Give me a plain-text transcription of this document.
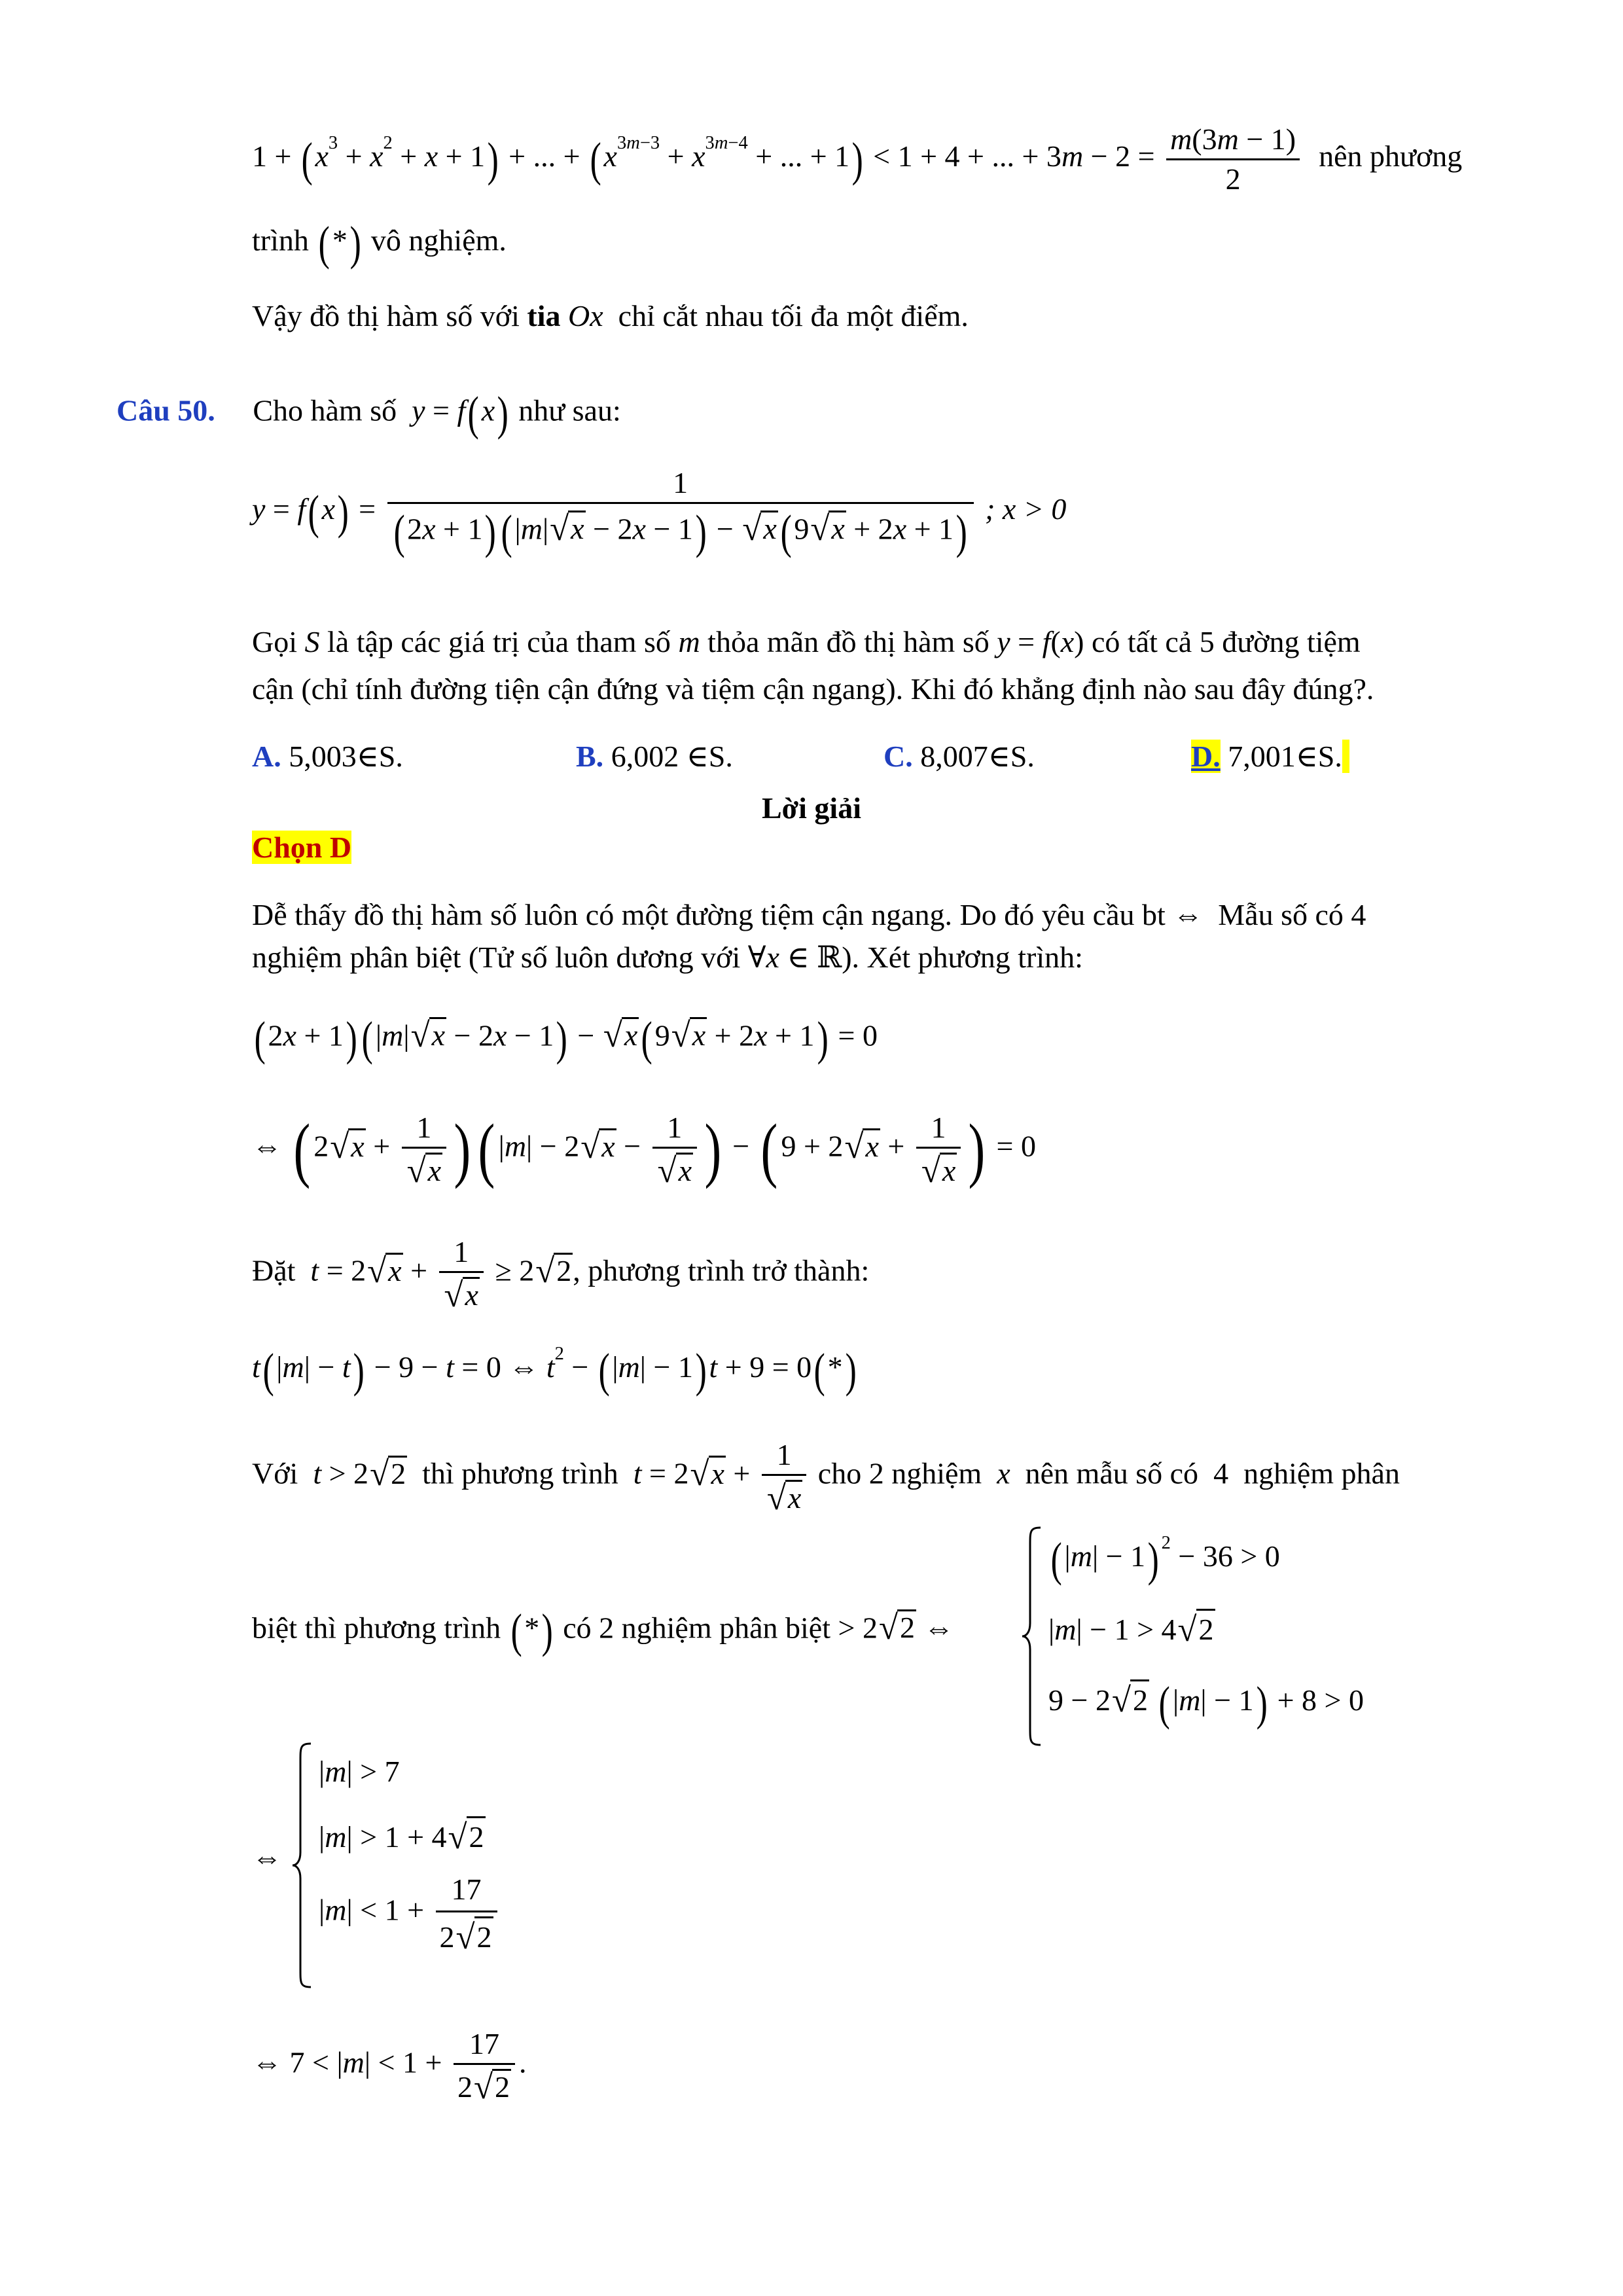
$1 + (x^3 + x^2 + x + 1)$ + ... + ($x^{3m-3} + x^{3m-4}$ + ... + 1) < 1 + 4 + ... + $3m - 2 = \frac{m(3m - 1)}{2}$ nên phương
trình (*) vô nghiệm.
Vậy đồ thị hàm số với tia Ox chỉ cắt nhau tối đa một điểm.
Câu 50. Cho hàm số y = f(x) như sau:
$y = f(x) = \frac{1}{(2x + 1)(|m| √ x - 2x - 1) - √ x(9 √ x + 2x + 1)}$ ; x > 0
Gọi S là tập các giá trị của tham số m thỏa mãn đồ thị hàm số y = f(x) có tất cả 5 đường tiệm
cận (chỉ tính đường tiện cận đứng và tiệm cận ngang). Khi đó khẳng định nào sau đây đúng?.
A. 5,003∈S.	B. 6,002 ∈S.	C. 8,007∈S.	D. 7,001∈S.
Lời giải
Chọn D
Dễ thấy đồ thị hàm số luôn có một đường tiệm cận ngang. Do đó yêu cầu bt ⇔  Mẫu số có 4
nghiệm phân biệt (Tử số luôn dương với ∀x ∈ ℝ). Xét phương trình:
(2x + 1)(|m| √ x − 2x − 1) − √ x(9 √ x + 2x + 1) = 0
⇔ ( 2 √ $x + \frac{1}{√ x}$ )( |m| − 2 √ $x - \frac{1}{√ x}$ ) − ( 9 + 2 √ $x + \frac{1}{√ x}$ ) = 0
Đặt t = 2 √ $x + \frac{1}{√ x} \ge 2$ √ 2, phương trình trở thành:
t(|m| − t) − 9 − t = 0 ⇔ $t^2 - (|m| - 1)t + 9 = 0(*)$
Với t > 2 √ 2 thì phương trình t = 2 √ $x + \frac{1}{√ x}$ cho 2 nghiệm x nên mẫu số có  4  nghiệm phân
biệt thì phương trình (*) có 2 nghiệm phân biệt > 2 √ 2 ⇔
(|m| − 1) $^2$ − 36 > 0
|m| − 1 > 4 √ 2
9 − 2 √ 2 (|m| − 1) + 8 > 0
⇔
|m| > 7
|m| > 1 + 4 √ 2
$|m| < 1 + \frac{17}{2 √ 2}$
⇔ $7 < |m| < 1 + \frac{17}{2 √ 2}$ .
